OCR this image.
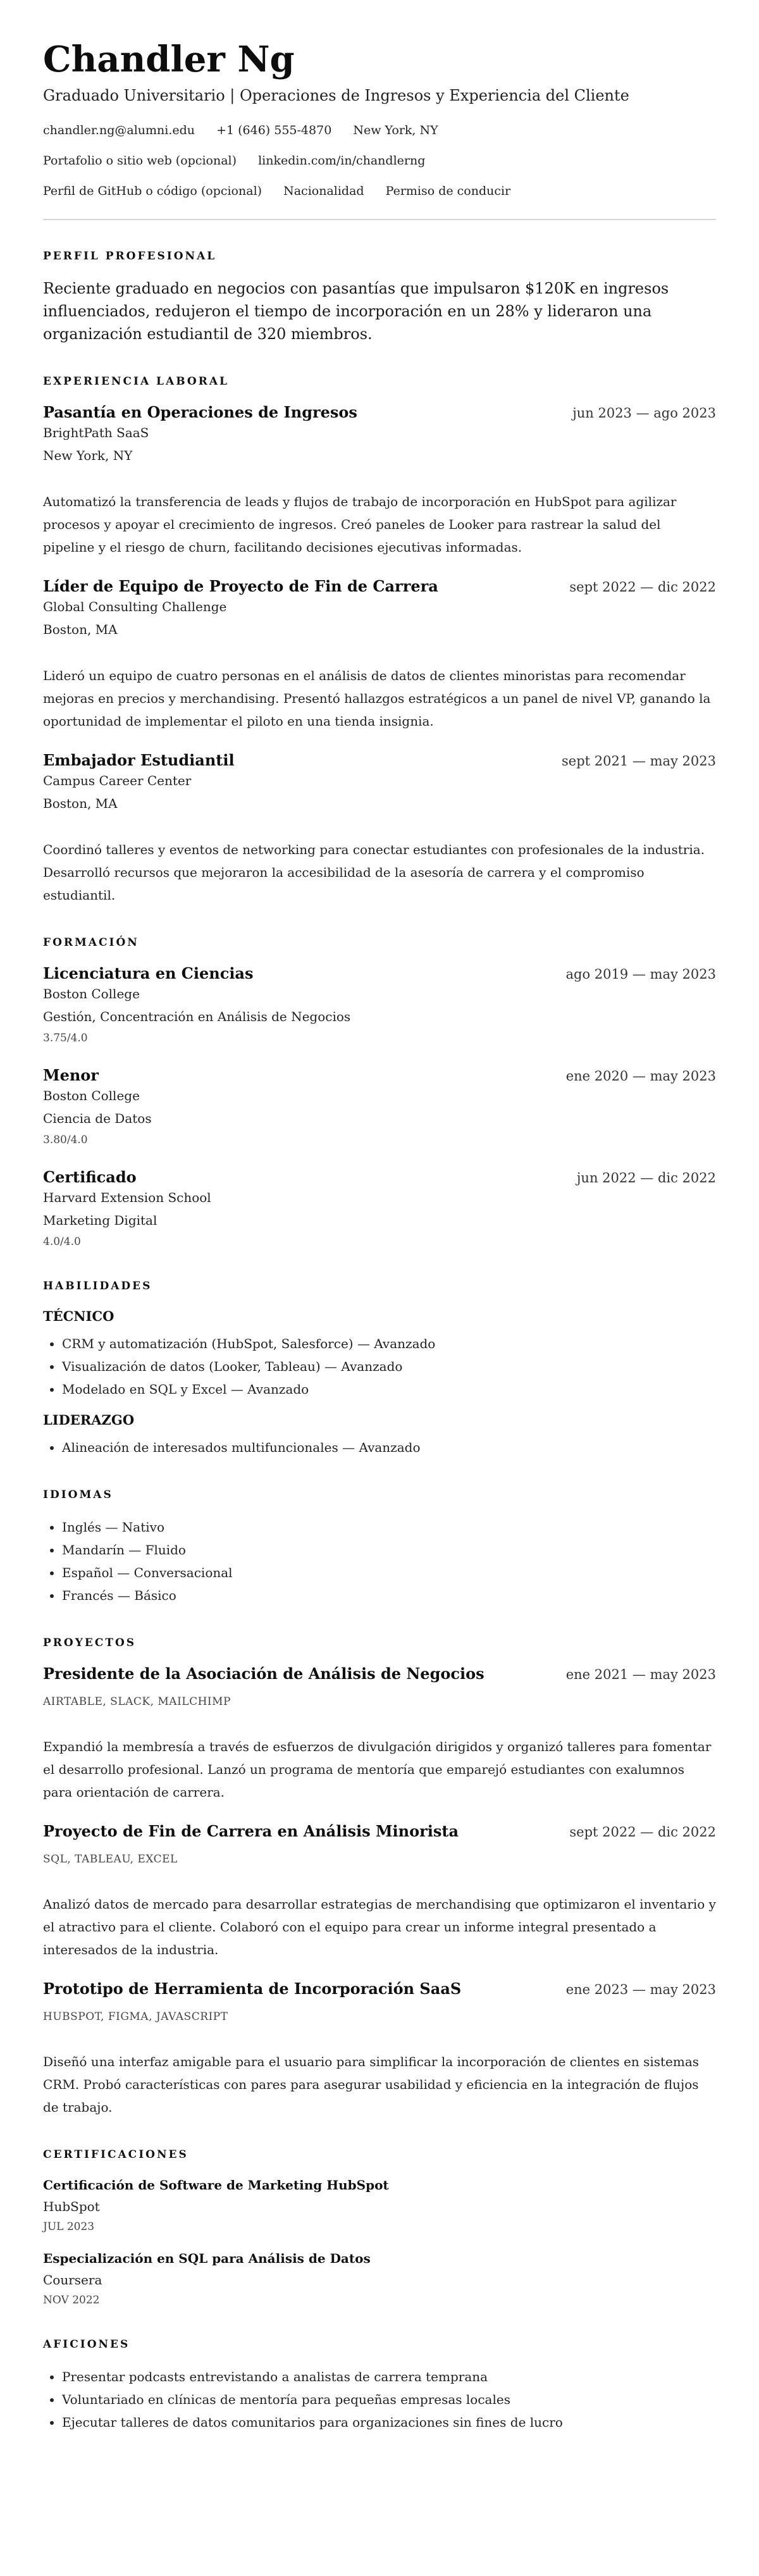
Chandler Ng
Graduado Universitario | Operaciones de Ingresos y Experiencia del Cliente
chandler.ng@alumni.edu +1 (646) 555-4870 New York, NY
Portafolio o sitio web (opcional) linkedin.com/in/chandlerng
Perfil de GitHub o código (opcional) Nacionalidad Permiso de conducir
PERFIL PROFESIONAL

Reciente graduado en negocios con pasantías que impulsaron $120K en ingresos influenciados, redujeron el tiempo de incorporación en un 28% y lideraron una organización estudiantil de 320 miembros.

EXPERIENCIA LABORAL
Pasantía en Operaciones de Ingresos	jun 2023 — ago 2023
BrightPath SaaS
New York, NY
Automatizó la transferencia de leads y flujos de trabajo de incorporación en HubSpot para agilizar procesos y apoyar el crecimiento de ingresos. Creó paneles de Looker para rastrear la salud del pipeline y el riesgo de churn, facilitando decisiones ejecutivas informadas.
Líder de Equipo de Proyecto de Fin de Carrera	sept 2022 — dic 2022
Global Consulting Challenge
Boston, MA
Lideró un equipo de cuatro personas en el análisis de datos de clientes minoristas para recomendar mejoras en precios y merchandising. Presentó hallazgos estratégicos a un panel de nivel VP, ganando la oportunidad de implementar el piloto en una tienda insignia.
Embajador Estudiantil	sept 2021 — may 2023
Campus Career Center
Boston, MA
Coordinó talleres y eventos de networking para conectar estudiantes con profesionales de la industria. Desarrolló recursos que mejoraron la accesibilidad de la asesoría de carrera y el compromiso estudiantil.
FORMACIÓN
Licenciatura en Ciencias	ago 2019 — may 2023
Boston College
Gestión, Concentración en Análisis de Negocios
3.75/4.0
Menor	ene 2020 — may 2023
Boston College
Ciencia de Datos
3.80/4.0
Certificado	jun 2022 — dic 2022
Harvard Extension School
Marketing Digital
4.0/4.0
HABILIDADES
TÉCNICO
• CRM y automatización (HubSpot, Salesforce) — Avanzado
• Visualización de datos (Looker, Tableau) — Avanzado
• Modelado en SQL y Excel — Avanzado
LIDERAZGO
• Alineación de interesados multifuncionales — Avanzado
IDIOMAS
• Inglés — Nativo
• Mandarín — Fluido
• Español — Conversacional
• Francés — Básico
PROYECTOS
Presidente de la Asociación de Análisis de Negocios	ene 2021 — may 2023
AIRTABLE, SLACK, MAILCHIMP
Expandió la membresía a través de esfuerzos de divulgación dirigidos y organizó talleres para fomentar el desarrollo profesional. Lanzó un programa de mentoría que emparejó estudiantes con exalumnos para orientación de carrera.
Proyecto de Fin de Carrera en Análisis Minorista	sept 2022 — dic 2022
SQL, TABLEAU, EXCEL
Analizó datos de mercado para desarrollar estrategias de merchandising que optimizaron el inventario y el atractivo para el cliente. Colaboró con el equipo para crear un informe integral presentado a interesados de la industria.
Prototipo de Herramienta de Incorporación SaaS	ene 2023 — may 2023
HUBSPOT, FIGMA, JAVASCRIPT
Diseñó una interfaz amigable para el usuario para simplificar la incorporación de clientes en sistemas CRM. Probó características con pares para asegurar usabilidad y eficiencia en la integración de flujos de trabajo.
CERTIFICACIONES
Certificación de Software de Marketing HubSpot
HubSpot
JUL 2023
Especialización en SQL para Análisis de Datos
Coursera
NOV 2022
AFICIONES
• Presentar podcasts entrevistando a analistas de carrera temprana
• Voluntariado en clínicas de mentoría para pequeñas empresas locales
• Ejecutar talleres de datos comunitarios para organizaciones sin fines de lucro
